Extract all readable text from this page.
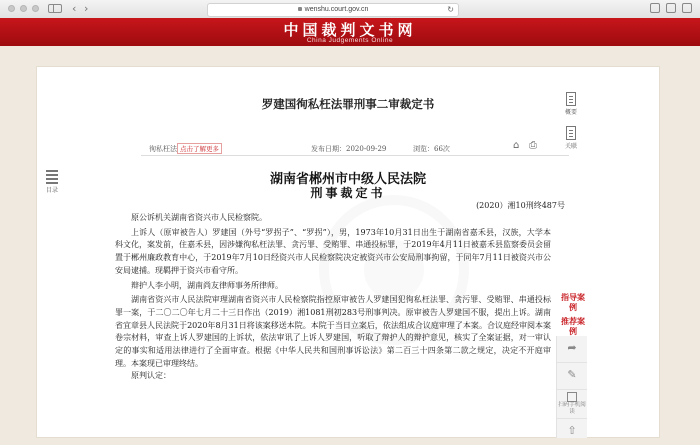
‹ ›	wenshu.court.gov.cn	↻
中国裁判文书网
China Judgements Online
罗建国徇私枉法罪刑事二审裁定书
徇私枉法 点击了解更多	发布日期：2020-09-29	浏览：66次	⌂ ⎙
湖南省郴州市中级人民法院
刑事裁定书
(2020）湘10刑终487号

原公诉机关湖南省资兴市人民检察院。

上诉人（原审被告人）罗建国（外号“罗拐子”、“罗拐”），男，1973年10月31日出生于湖南省嘉禾县，汉族，大学本科文化，案发前，住嘉禾县，因涉嫌徇私枉法罪、贪污罪、受贿罪、串通投标罪，于2019年4月11日被嘉禾县监察委员会留置于郴州廉政教育中心，于2019年7月10日经资兴市人民检察院决定被资兴市公安局刑事拘留，于同年7月11日被资兴市公安局逮捕。现羁押于资兴市看守所。

辩护人李小明，湖南尚友律师事务所律师。

湖南省资兴市人民法院审理湖南省资兴市人民检察院指控原审被告人罗建国犯徇私枉法罪、贪污罪、受贿罪、串通投标罪一案，于二〇二〇年七月二十三日作出（2019）湘1081刑初283号刑事判决。原审被告人罗建国不服，提出上诉。湖南省宜章县人民法院于2020年8月31日将该案移送本院。本院于当日立案后，依法组成合议庭审理了本案。合议庭经审阅本案卷宗材料，审查上诉人罗建国的上诉状，依法审讯了上诉人罗建国，听取了辩护人的辩护意见，核实了全案证据，对一审认定的事实和适用法律进行了全面审查。根据《中华人民共和国刑事诉讼法》第二百三十四条第二款之规定，决定不开庭审理。本案现已审理终结。

原判认定：

目录
概要
关联
指导案例
推荐案例
➦
✎
扫码手机阅读
⇧
